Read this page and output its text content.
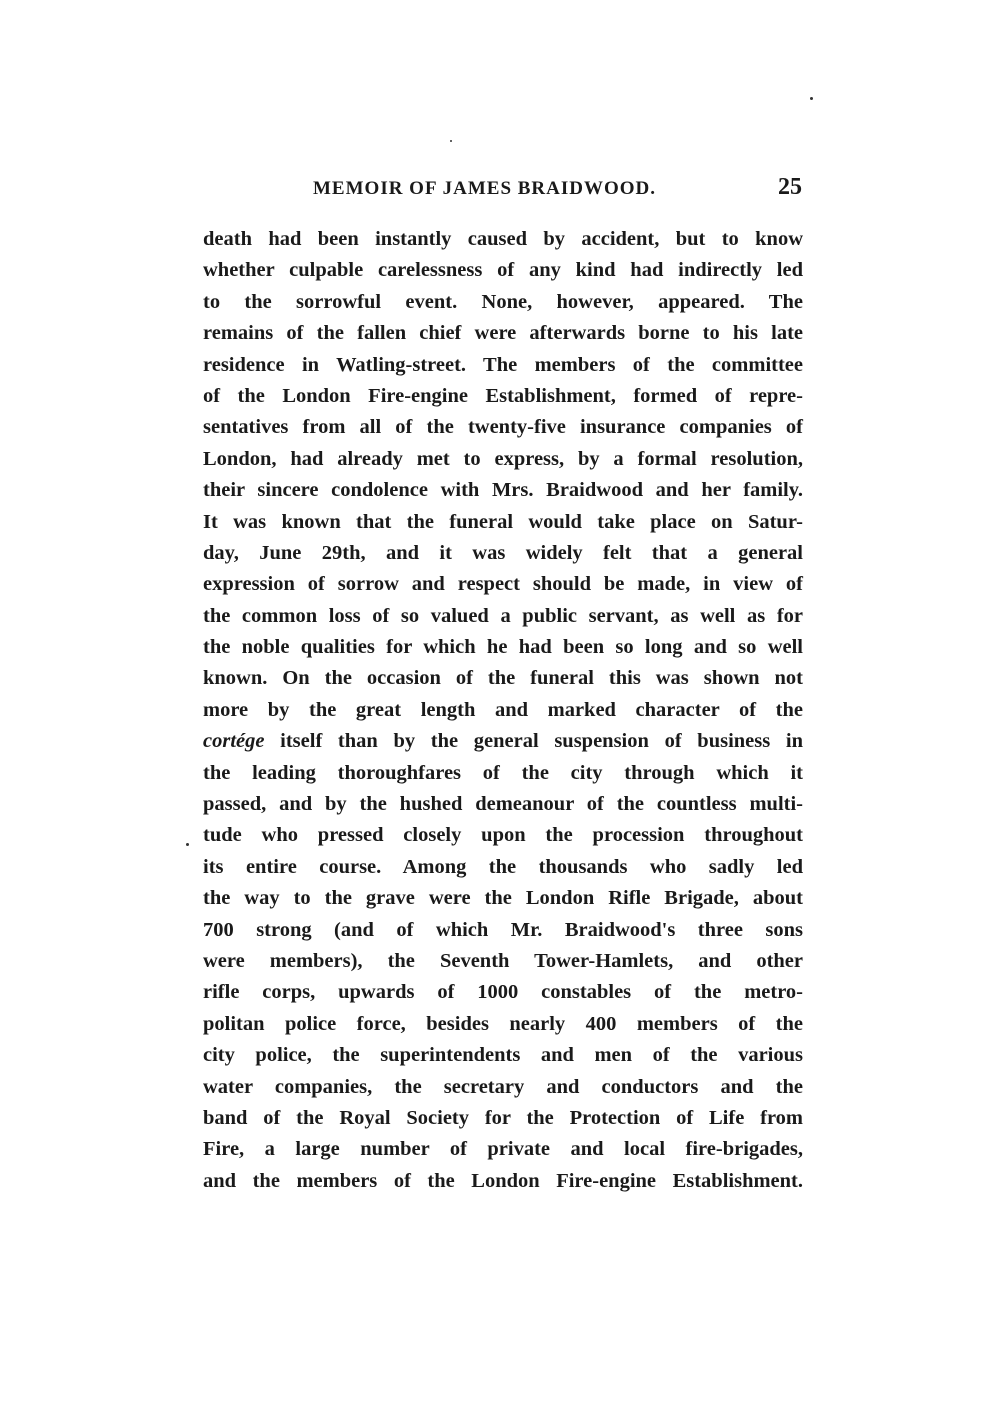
MEMOIR OF JAMES BRAIDWOOD.	25
death had been instantly caused by accident, but to know
whether culpable carelessness of any kind had indirectly led
to the sorrowful event. None, however, appeared. The
remains of the fallen chief were afterwards borne to his late
residence in Watling-street. The members of the committee
of the London Fire-engine Establishment, formed of repre-
sentatives from all of the twenty-five insurance companies of
London, had already met to express, by a formal resolution,
their sincere condolence with Mrs. Braidwood and her family.
It was known that the funeral would take place on Satur-
day, June 29th, and it was widely felt that a general
expression of sorrow and respect should be made, in view of
the common loss of so valued a public servant, as well as for
the noble qualities for which he had been so long and so well
known. On the occasion of the funeral this was shown not
more by the great length and marked character of the
cortége itself than by the general suspension of business in
the leading thoroughfares of the city through which it
passed, and by the hushed demeanour of the countless multi-
tude who pressed closely upon the procession throughout
its entire course. Among the thousands who sadly led
the way to the grave were the London Rifle Brigade, about
700 strong (and of which Mr. Braidwood's three sons
were members), the Seventh Tower-Hamlets, and other
rifle corps, upwards of 1000 constables of the metro-
politan police force, besides nearly 400 members of the
city police, the superintendents and men of the various
water companies, the secretary and conductors and the
band of the Royal Society for the Protection of Life from
Fire, a large number of private and local fire-brigades,
and the members of the London Fire-engine Establishment.
